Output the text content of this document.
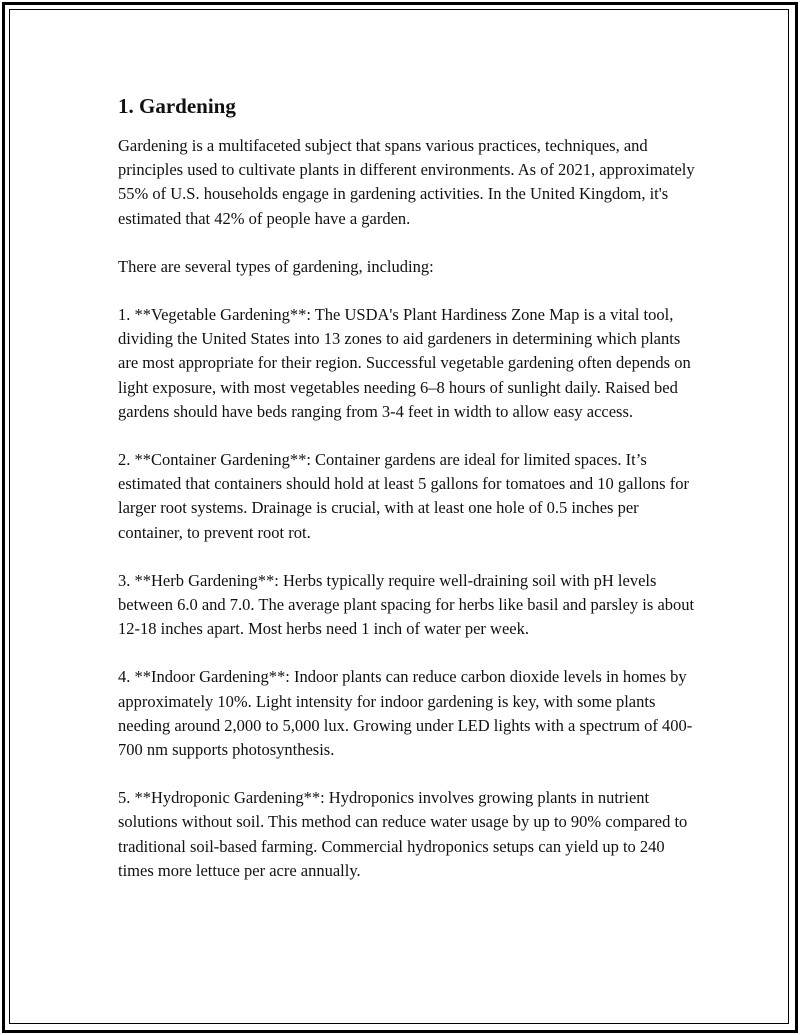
1. Gardening

Gardening is a multifaceted subject that spans various practices, techniques, and principles used to cultivate plants in different environments. As of 2021, approximately 55% of U.S. households engage in gardening activities. In the United Kingdom, it's estimated that 42% of people have a garden.

There are several types of gardening, including:

1. **Vegetable Gardening**: The USDA's Plant Hardiness Zone Map is a vital tool, dividing the United States into 13 zones to aid gardeners in determining which plants are most appropriate for their region. Successful vegetable gardening often depends on light exposure, with most vegetables needing 6–8 hours of sunlight daily. Raised bed gardens should have beds ranging from 3-4 feet in width to allow easy access.

2. **Container Gardening**: Container gardens are ideal for limited spaces. It’s estimated that containers should hold at least 5 gallons for tomatoes and 10 gallons for larger root systems. Drainage is crucial, with at least one hole of 0.5 inches per container, to prevent root rot.

3. **Herb Gardening**: Herbs typically require well-draining soil with pH levels between 6.0 and 7.0. The average plant spacing for herbs like basil and parsley is about 12-18 inches apart. Most herbs need 1 inch of water per week.

4. **Indoor Gardening**: Indoor plants can reduce carbon dioxide levels in homes by approximately 10%. Light intensity for indoor gardening is key, with some plants needing around 2,000 to 5,000 lux. Growing under LED lights with a spectrum of 400-700 nm supports photosynthesis.

5. **Hydroponic Gardening**: Hydroponics involves growing plants in nutrient solutions without soil. This method can reduce water usage by up to 90% compared to traditional soil-based farming. Commercial hydroponics setups can yield up to 240 times more lettuce per acre annually.
